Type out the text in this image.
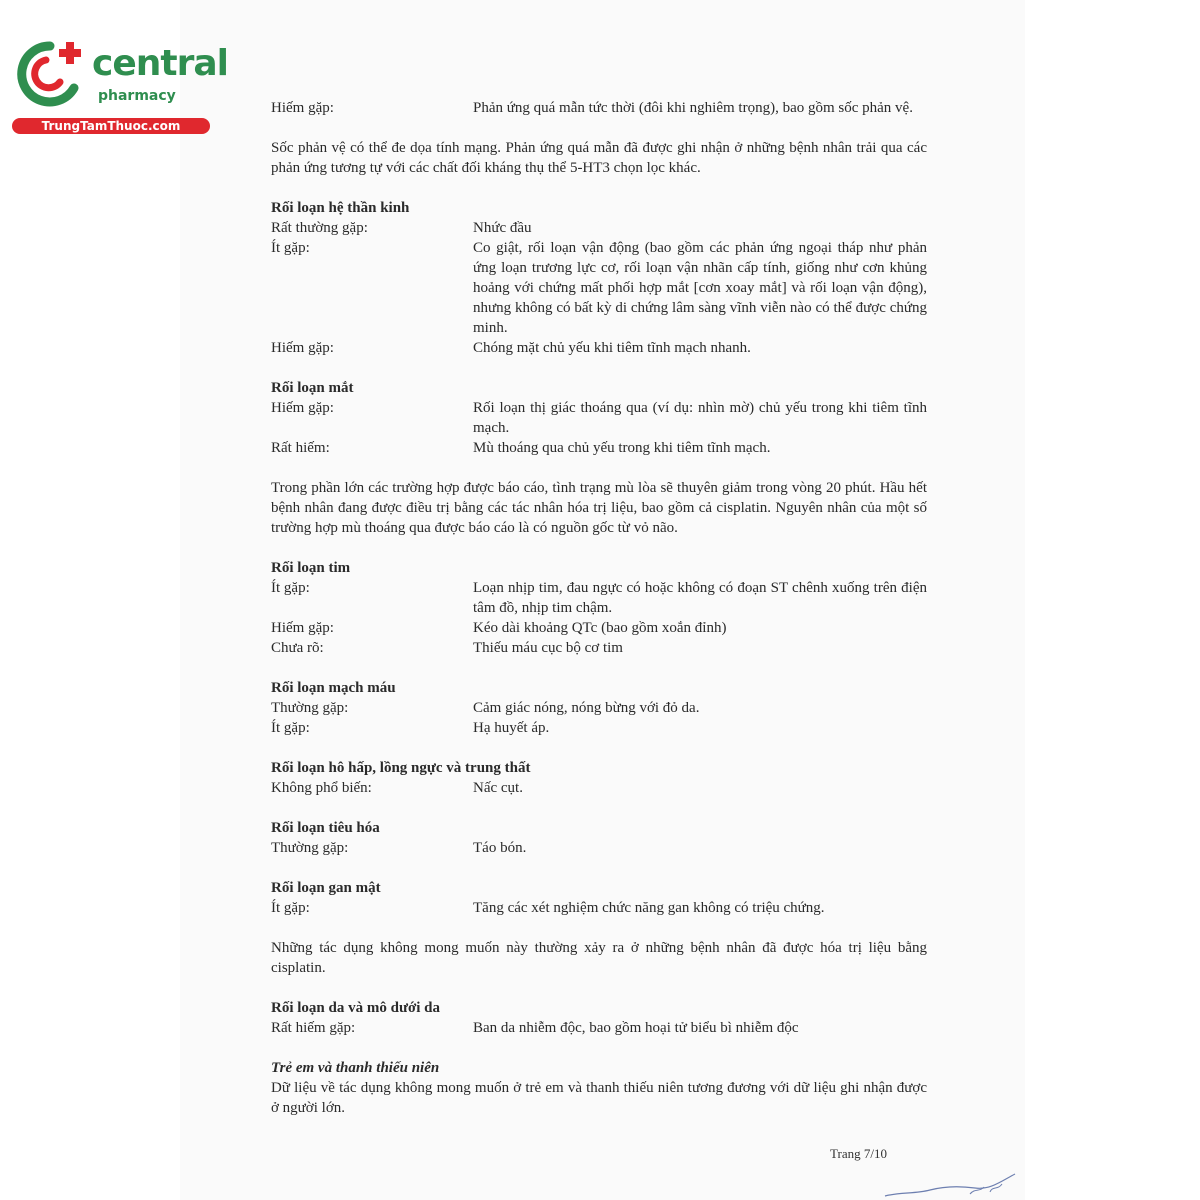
central
pharmacy
TrungTamThuoc.com
Hiếm gặp:	Phản ứng quá mẫn tức thời (đôi khi nghiêm trọng), bao gồm sốc phản vệ.
Sốc phản vệ có thể đe dọa tính mạng. Phản ứng quá mẫn đã được ghi nhận ở những bệnh nhân trải qua các phản ứng tương tự với các chất đối kháng thụ thể 5-HT3 chọn lọc khác.
Rối loạn hệ thần kinh
Rất thường gặp:	Nhức đầu
Ít gặp:	Co giật, rối loạn vận động (bao gồm các phản ứng ngoại tháp như phản ứng loạn trương lực cơ, rối loạn vận nhãn cấp tính, giống như cơn khủng hoảng với chứng mất phối hợp mắt [cơn xoay mắt] và rối loạn vận động), nhưng không có bất kỳ di chứng lâm sàng vĩnh viễn nào có thể được chứng minh.
Hiếm gặp:	Chóng mặt chủ yếu khi tiêm tĩnh mạch nhanh.
Rối loạn mắt
Hiếm gặp:	Rối loạn thị giác thoáng qua (ví dụ: nhìn mờ) chủ yếu trong khi tiêm tĩnh mạch.
Rất hiếm:	Mù thoáng qua chủ yếu trong khi tiêm tĩnh mạch.
Trong phần lớn các trường hợp được báo cáo, tình trạng mù lòa sẽ thuyên giảm trong vòng 20 phút. Hầu hết bệnh nhân đang được điều trị bằng các tác nhân hóa trị liệu, bao gồm cả cisplatin. Nguyên nhân của một số trường hợp mù thoáng qua được báo cáo là có nguồn gốc từ vỏ não.
Rối loạn tim
Ít gặp:	Loạn nhịp tim, đau ngực có hoặc không có đoạn ST chênh xuống trên điện tâm đồ, nhịp tim chậm.
Hiếm gặp:	Kéo dài khoảng QTc (bao gồm xoắn đỉnh)
Chưa rõ:	Thiếu máu cục bộ cơ tim
Rối loạn mạch máu
Thường gặp:	Cảm giác nóng, nóng bừng với đỏ da.
Ít gặp:	Hạ huyết áp.
Rối loạn hô hấp, lồng ngực và trung thất
Không phổ biến:	Nấc cụt.
Rối loạn tiêu hóa
Thường gặp:	Táo bón.
Rối loạn gan mật
Ít gặp:	Tăng các xét nghiệm chức năng gan không có triệu chứng.
Những tác dụng không mong muốn này thường xảy ra ở những bệnh nhân đã được hóa trị liệu bằng cisplatin.
Rối loạn da và mô dưới da
Rất hiếm gặp:	Ban da nhiễm độc, bao gồm hoại tử biểu bì nhiễm độc
Trẻ em và thanh thiếu niên
Dữ liệu về tác dụng không mong muốn ở trẻ em và thanh thiếu niên tương đương với dữ liệu ghi nhận được ở người lớn.
Trang 7/10
